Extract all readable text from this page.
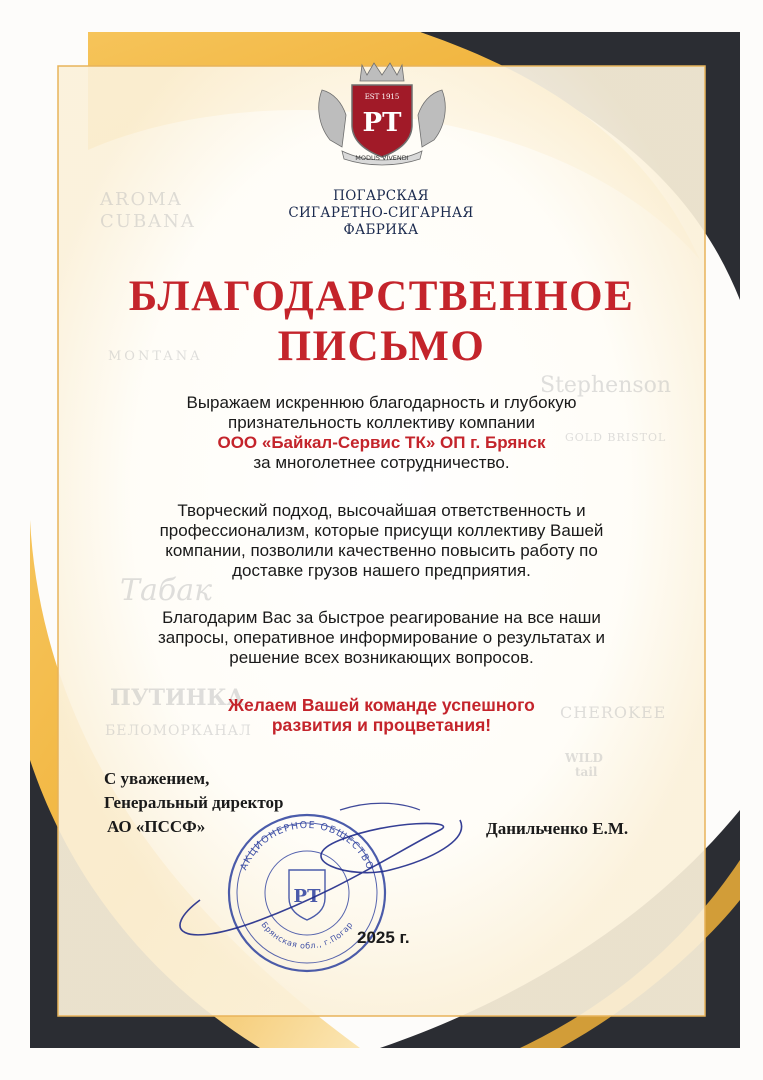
AROMA
CUBANA
MONTANA
Табак
ПУТИНКА
БЕЛОМОРКАНАЛ
CHEROKEE
Stephenson
GOLD BRISTOL
WILD
tail
EST 1915
PT
MODUS VIVENDI
ПОГАРСКАЯ
СИГАРЕТНО-СИГАРНАЯ
ФАБРИКА
БЛАГОДАРСТВЕННОЕ
ПИСЬМО
Выражаем искреннюю благодарность и глубокую
признательность коллективу компании
ООО «Байкал-Сервис ТК» ОП г. Брянск
за многолетнее сотрудничество.
Творческий подход, высочайшая ответственность и
профессионализм, которые присущи коллективу Вашей
компании, позволили качественно повысить работу по
доставке грузов нашего предприятия.
Благодарим Вас за быстрое реагирование на все наши
запросы, оперативное информирование о результатах и
решение всех возникающих вопросов.
Желаем Вашей команде успешного
развития и процветания!
АКЦИОНЕРНОЕ ОБЩЕСТВО
Брянская обл., г.Погар
PT
С уважением,
Генеральный директор
АО «ПССФ»	Данильченко Е.М.
2025 г.
